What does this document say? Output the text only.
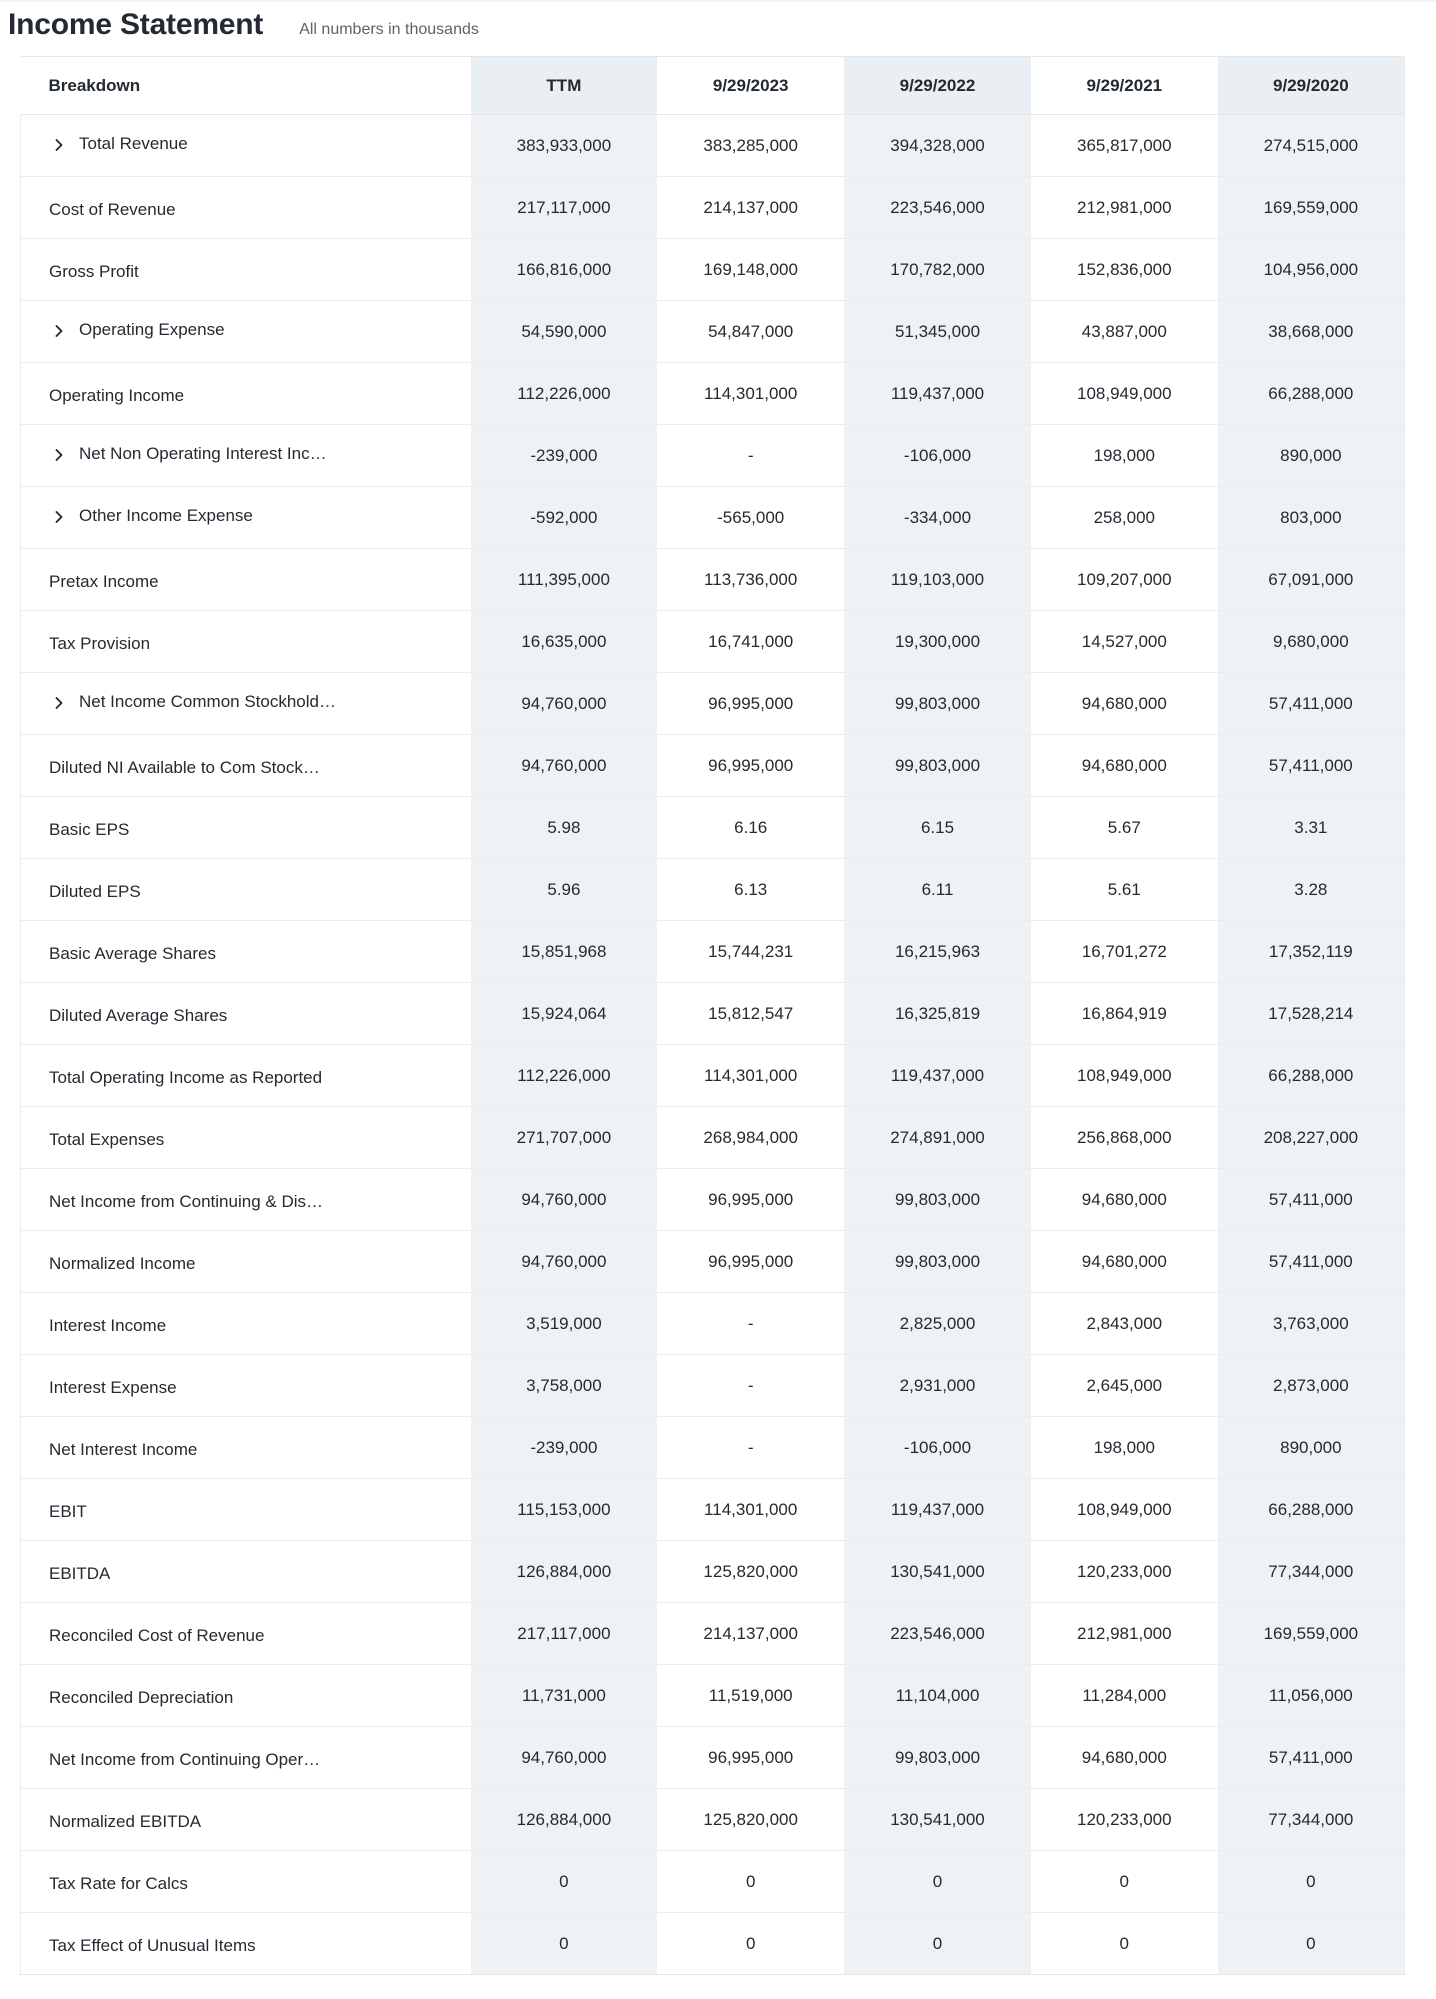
Income Statement All numbers in thousands
Breakdown	TTM	9/29/2023	9/29/2022	9/29/2021	9/29/2020

Total Revenue	383,933,000	383,285,000	394,328,000	365,817,000	274,515,000

Cost of Revenue	217,117,000	214,137,000	223,546,000	212,981,000	169,559,000

Gross Profit	166,816,000	169,148,000	170,782,000	152,836,000	104,956,000

Operating Expense	54,590,000	54,847,000	51,345,000	43,887,000	38,668,000

Operating Income	112,226,000	114,301,000	119,437,000	108,949,000	66,288,000

Net Non Operating Interest Inc…	-239,000	-	-106,000	198,000	890,000

Other Income Expense	-592,000	-565,000	-334,000	258,000	803,000

Pretax Income	111,395,000	113,736,000	119,103,000	109,207,000	67,091,000

Tax Provision	16,635,000	16,741,000	19,300,000	14,527,000	9,680,000

Net Income Common Stockhold…	94,760,000	96,995,000	99,803,000	94,680,000	57,411,000

Diluted NI Available to Com Stock…	94,760,000	96,995,000	99,803,000	94,680,000	57,411,000

Basic EPS	5.98	6.16	6.15	5.67	3.31

Diluted EPS	5.96	6.13	6.11	5.61	3.28

Basic Average Shares	15,851,968	15,744,231	16,215,963	16,701,272	17,352,119

Diluted Average Shares	15,924,064	15,812,547	16,325,819	16,864,919	17,528,214

Total Operating Income as Reported	112,226,000	114,301,000	119,437,000	108,949,000	66,288,000

Total Expenses	271,707,000	268,984,000	274,891,000	256,868,000	208,227,000

Net Income from Continuing & Dis…	94,760,000	96,995,000	99,803,000	94,680,000	57,411,000

Normalized Income	94,760,000	96,995,000	99,803,000	94,680,000	57,411,000

Interest Income	3,519,000	-	2,825,000	2,843,000	3,763,000

Interest Expense	3,758,000	-	2,931,000	2,645,000	2,873,000

Net Interest Income	-239,000	-	-106,000	198,000	890,000

EBIT	115,153,000	114,301,000	119,437,000	108,949,000	66,288,000

EBITDA	126,884,000	125,820,000	130,541,000	120,233,000	77,344,000

Reconciled Cost of Revenue	217,117,000	214,137,000	223,546,000	212,981,000	169,559,000

Reconciled Depreciation	11,731,000	11,519,000	11,104,000	11,284,000	11,056,000

Net Income from Continuing Oper…	94,760,000	96,995,000	99,803,000	94,680,000	57,411,000

Normalized EBITDA	126,884,000	125,820,000	130,541,000	120,233,000	77,344,000

Tax Rate for Calcs	0	0	0	0	0

Tax Effect of Unusual Items	0	0	0	0	0
